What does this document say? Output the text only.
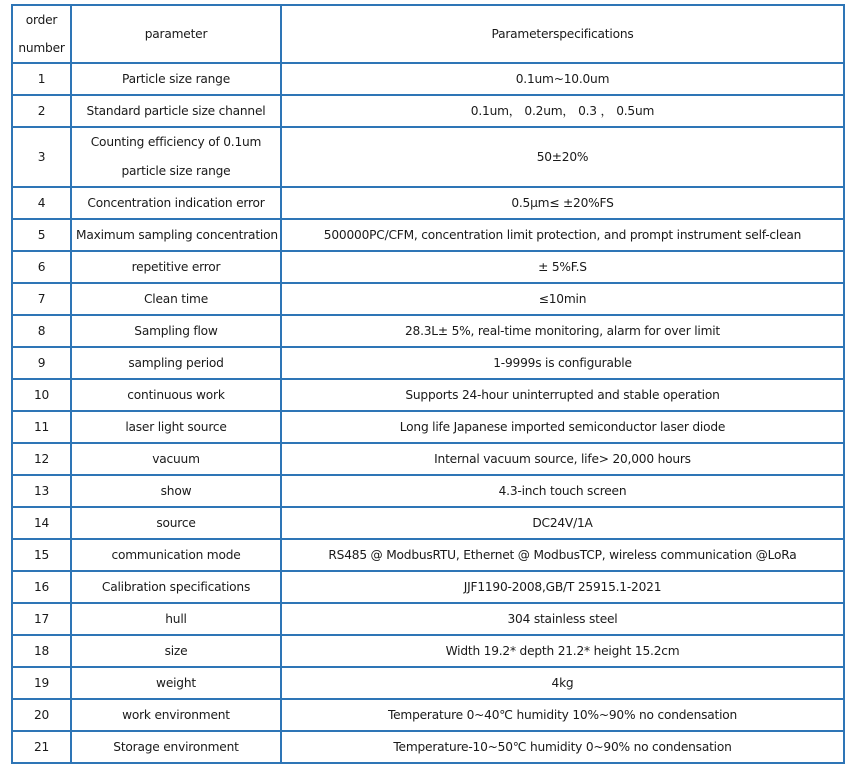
order number	parameter	Parameterspecifications
1	Particle size range	0.1um~10.0um
2	Standard particle size channel	0.1um， 0.2um， 0.3 ， 0.5um
3	Counting efficiency of 0.1um particle size range	50±20%
4	Concentration indication error	0.5μm≤ ±20%FS
5	Maximum sampling concentration	500000PC/CFM, concentration limit protection, and prompt instrument self-clean
6	repetitive error	± 5%F.S
7	Clean time	≤10min
8	Sampling flow	28.3L± 5%, real-time monitoring, alarm for over limit
9	sampling period	1-9999s is configurable
10	continuous work	Supports 24-hour uninterrupted and stable operation
11	laser light source	Long life Japanese imported semiconductor laser diode
12	vacuum	Internal vacuum source, life> 20,000 hours
13	show	4.3-inch touch screen
14	source	DC24V/1A
15	communication mode	RS485 @ ModbusRTU, Ethernet @ ModbusTCP, wireless communication @LoRa
16	Calibration specifications	JJF1190-2008,GB/T 25915.1-2021
17	hull	304 stainless steel
18	size	Width 19.2* depth 21.2* height 15.2cm
19	weight	4kg
20	work environment	Temperature 0~40℃ humidity 10%~90% no condensation
21	Storage environment	Temperature-10~50℃ humidity 0~90% no condensation
